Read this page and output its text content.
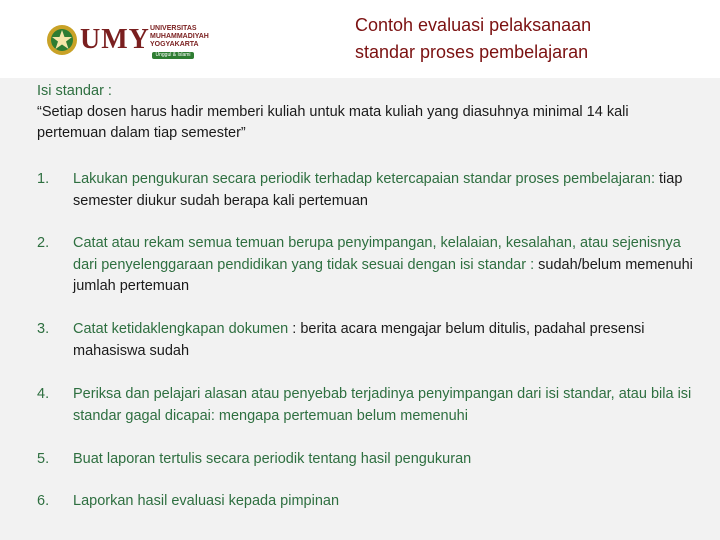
UMY UNIVERSITAS
MUHAMMADIYAH
YOGYAKARTA
Unggul & Islami
Contoh evaluasi pelaksanaan
standar proses pembelajaran
Isi standar :
“Setiap dosen harus hadir memberi kuliah untuk mata kuliah yang diasuhnya minimal 14 kali pertemuan dalam tiap semester”
1.	Lakukan pengukuran secara periodik terhadap ketercapaian standar proses pembelajaran: tiap semester diukur sudah berapa kali pertemuan
2.	Catat atau rekam semua temuan berupa penyimpangan, kelalaian, kesalahan, atau sejenisnya dari penyelenggaraan pendidikan yang tidak sesuai dengan isi standar : sudah/belum memenuhi jumlah pertemuan
3.	Catat ketidaklengkapan dokumen : berita acara mengajar belum ditulis, padahal presensi mahasiswa sudah
4.	Periksa dan pelajari alasan atau penyebab terjadinya penyimpangan dari isi standar, atau bila isi standar gagal dicapai: mengapa pertemuan belum memenuhi
5.	Buat laporan tertulis secara periodik tentang hasil pengukuran
6.	Laporkan hasil evaluasi kepada pimpinan
